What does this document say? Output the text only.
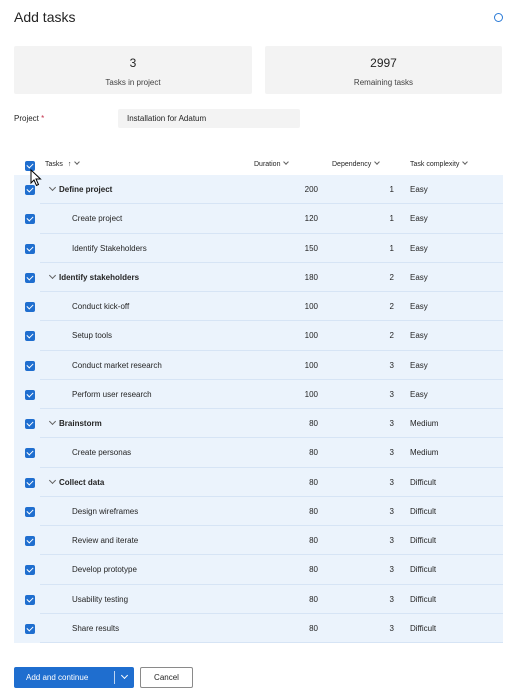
Add tasks
3
Tasks in project
2997
Remaining tasks
Project *	Installation for Adatum
Tasks ↑	Duration	Dependency	Task complexity
Define project	200	1 Easy
Create project	120	1 Easy
Identify Stakeholders	150	1 Easy
Identify stakeholders	180	2 Easy
Conduct kick-off	100	2 Easy
Setup tools	100	2 Easy
Conduct market research	100	3 Easy
Perform user research	100	3 Easy
Brainstorm	80	3 Medium
Create personas	80	3 Medium
Collect data	80	3 Difficult
Design wireframes	80	3 Difficult
Review and iterate	80	3 Difficult
Develop prototype	80	3 Difficult
Usability testing	80	3 Difficult
Share results	80	3 Difficult
Add and continue	Cancel
